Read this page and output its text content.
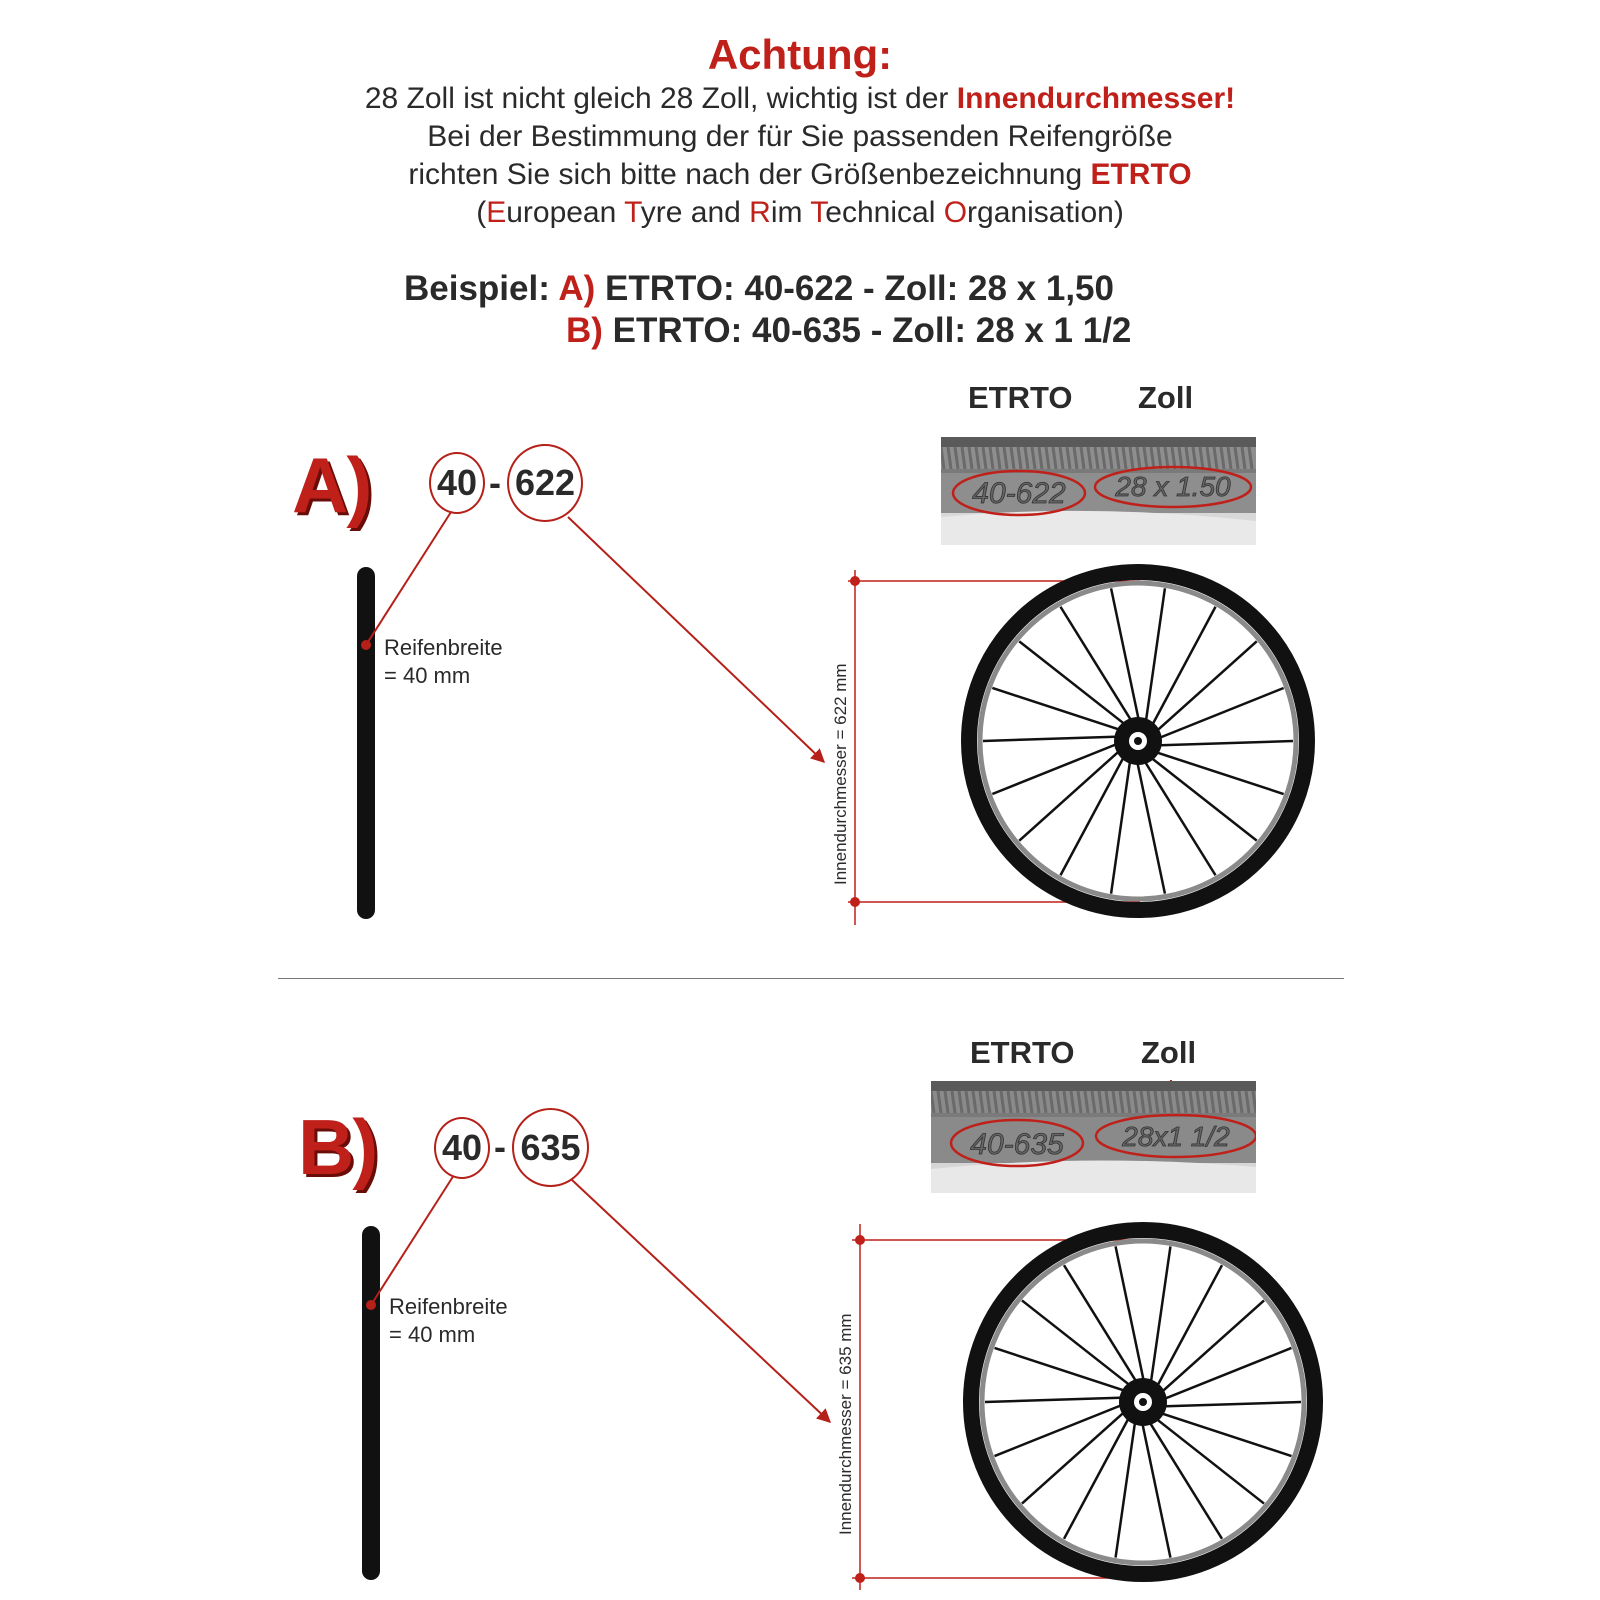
Achtung:
28 Zoll ist nicht gleich 28 Zoll, wichtig ist der Innendurchmesser!
Bei der Bestimmung der für Sie passenden Reifengröße
richten Sie sich bitte nach der Größenbezeichnung ETRTO
(European Tyre and Rim Technical Organisation)
Beispiel: A) ETRTO: 40-622 - Zoll: 28 x 1,50
B) ETRTO: 40-635 - Zoll: 28 x 1 1/2
A) 40 - 622
ETRTO Zoll
40-622 28 x 1.50
Reifenbreite
= 40 mm	Innendurchmesser = 622 mm
B) 40 - 635
ETRTO Zoll
40-635 28x1 1/2
Reifenbreite
= 40 mm	Innendurchmesser = 635 mm
